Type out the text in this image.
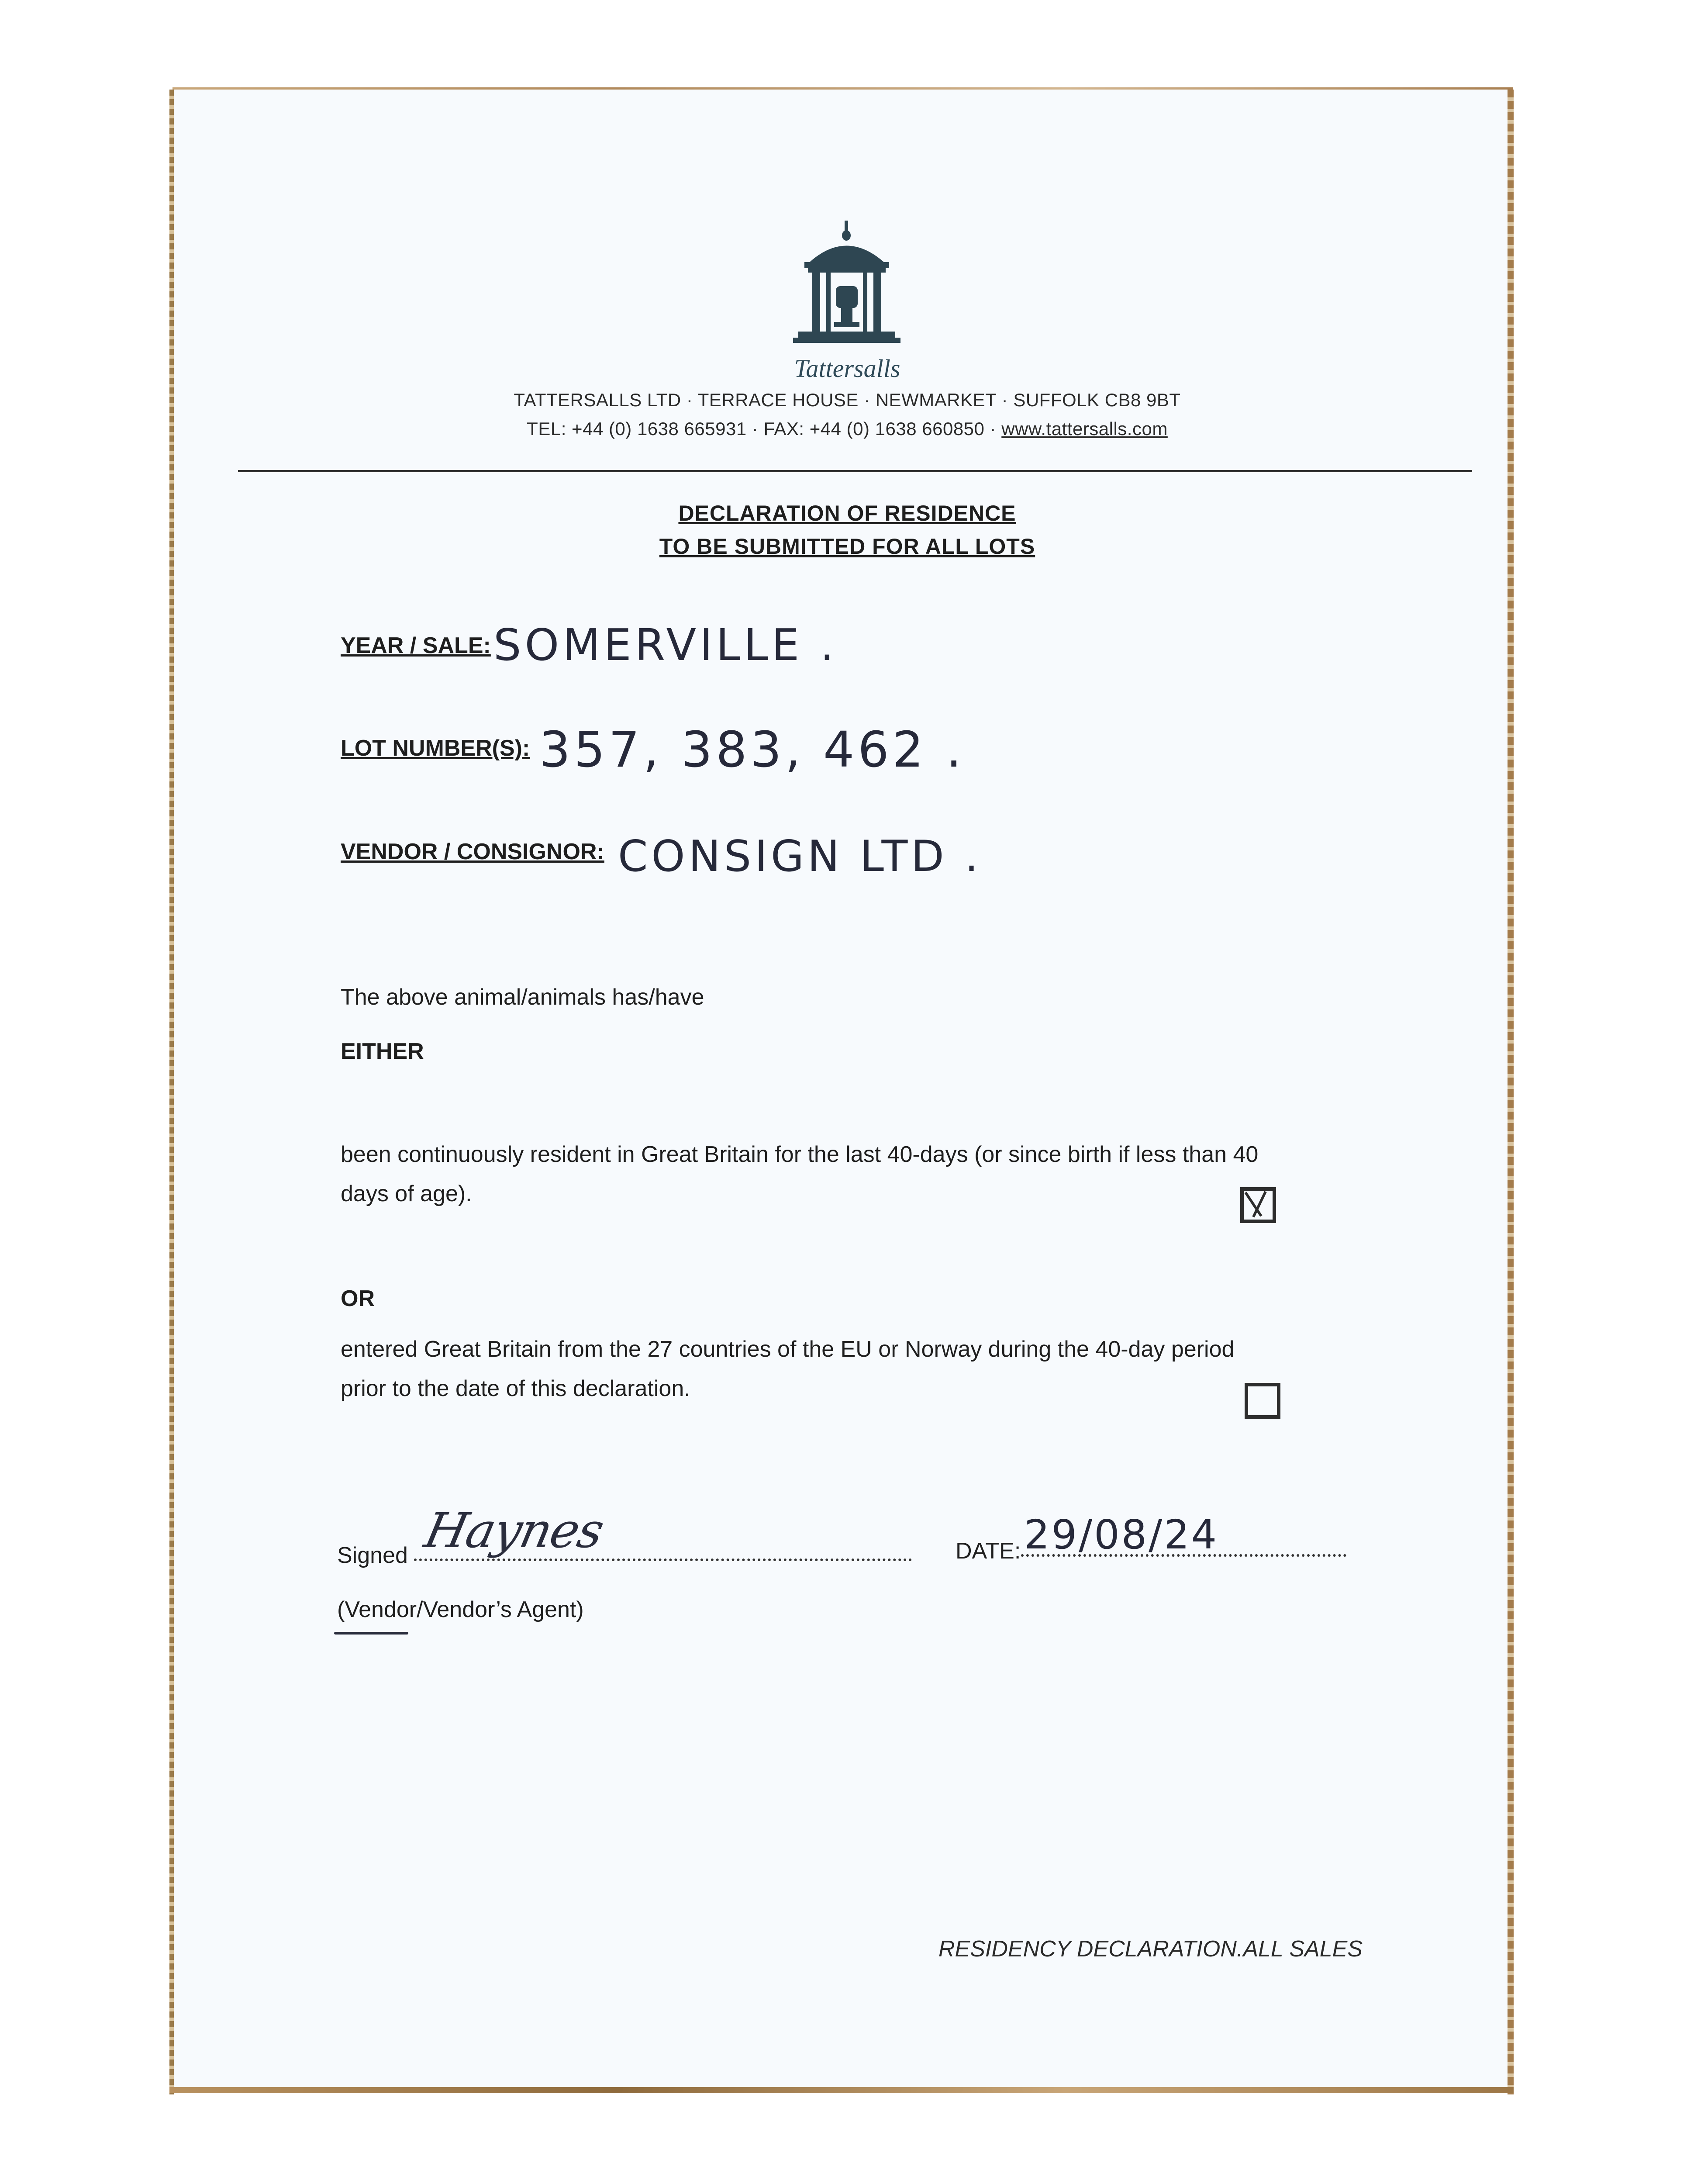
Tattersalls
TATTERSALLS LTD · TERRACE HOUSE · NEWMARKET · SUFFOLK CB8 9BT
TEL: +44 (0) 1638 665931 · FAX: +44 (0) 1638 660850 · www.tattersalls.com
DECLARATION OF RESIDENCE
TO BE SUBMITTED FOR ALL LOTS
YEAR / SALE: SOMERVILLE .
LOT NUMBER(S): 357, 383, 462 .
VENDOR / CONSIGNOR: CONSIGN LTD .
The above animal/animals has/have
EITHER
been continuously resident in Great Britain for the last 40-days (or since birth if less than 40
days of age).
OR
entered Great Britain from the 27 countries of the EU or Norway during the 40-day period
prior to the date of this declaration.
Signed Haynes	DATE: 29/08/24
(Vendor/Vendor’s Agent)
RESIDENCY DECLARATION.ALL SALES
